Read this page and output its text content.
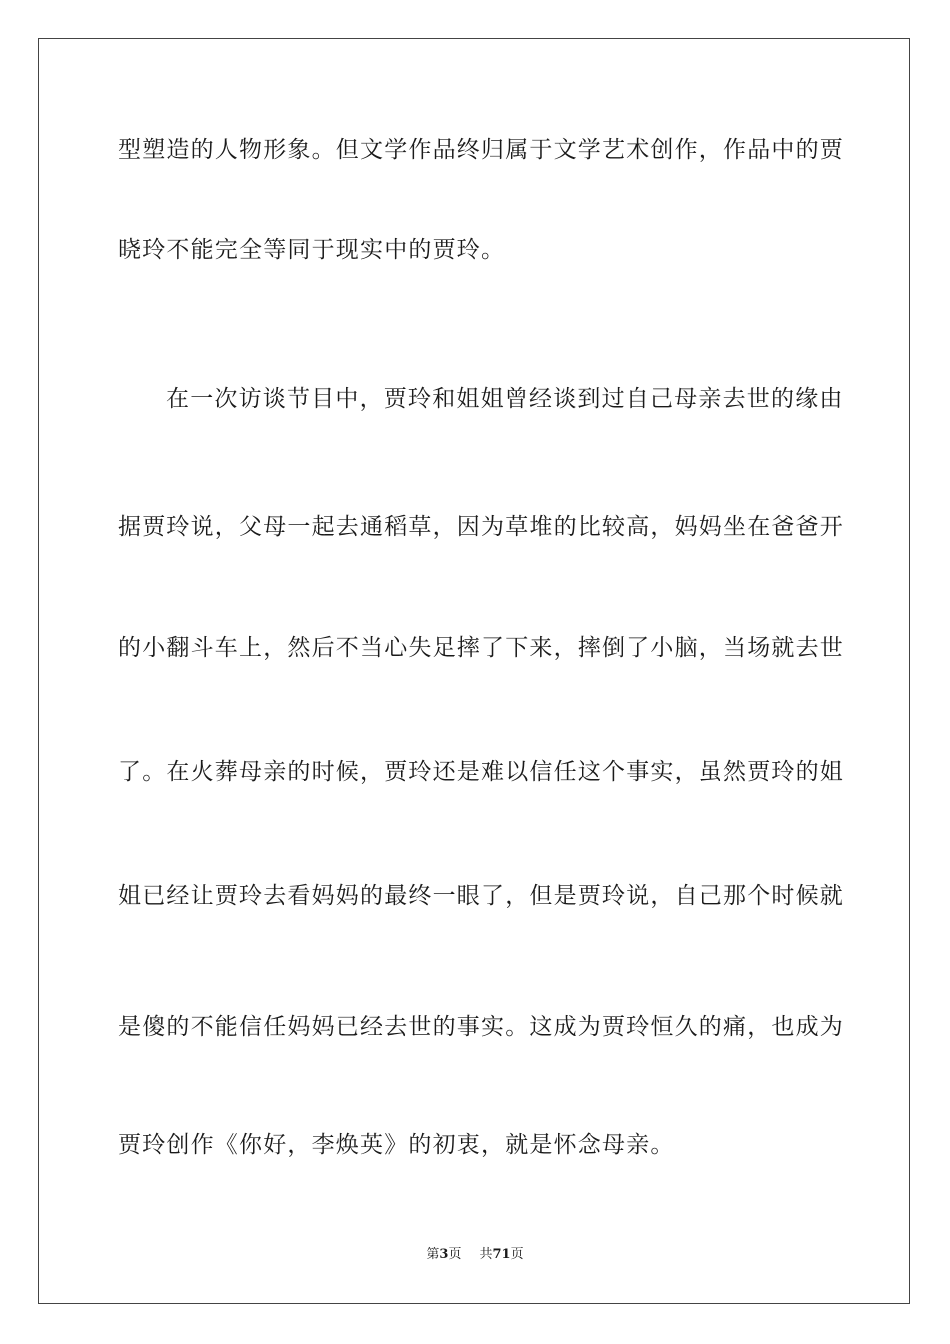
型塑造的人物形象。但文学作品终归属于文学艺术创作，作品中的贾
晓玲不能完全等同于现实中的贾玲。
在一次访谈节目中，贾玲和姐姐曾经谈到过自己母亲去世的缘由
据贾玲说，父母一起去通稻草，因为草堆的比较高，妈妈坐在爸爸开
的小翻斗车上，然后不当心失足摔了下来，摔倒了小脑，当场就去世
了。在火葬母亲的时候，贾玲还是难以信任这个事实，虽然贾玲的姐
姐已经让贾玲去看妈妈的最终一眼了，但是贾玲说，自己那个时候就
是傻的不能信任妈妈已经去世的事实。这成为贾玲恒久的痛，也成为
贾玲创作《你好，李焕英》的初衷，就是怀念母亲。
第3页 共71页
